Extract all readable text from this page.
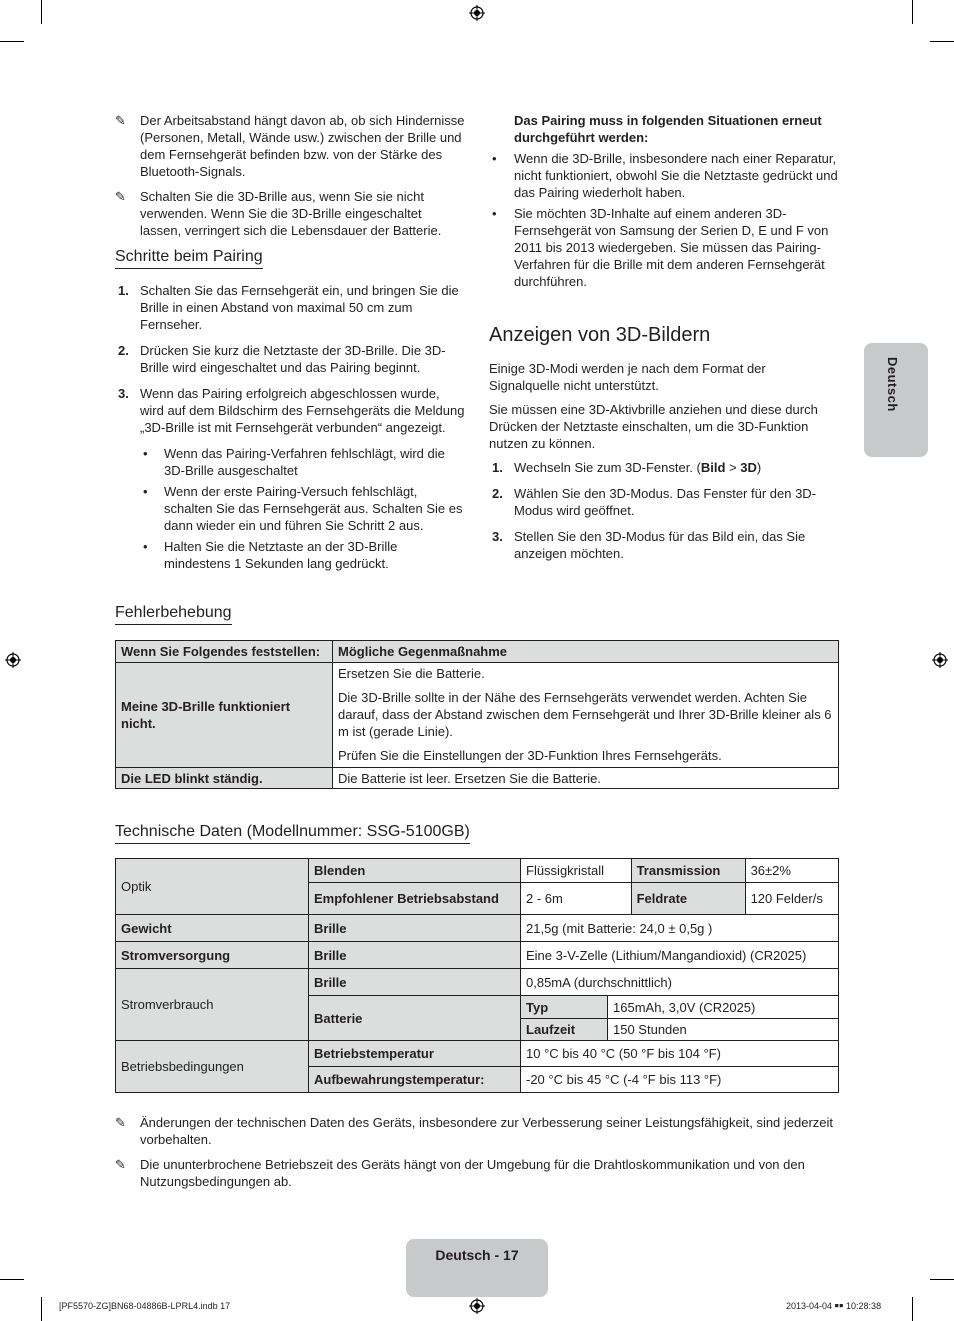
✎ Der Arbeitsabstand hängt davon ab, ob sich Hindernisse (Personen, Metall, Wände usw.) zwischen der Brille und dem Fernsehgerät befinden bzw. von der Stärke des Bluetooth-Signals.
✎ Schalten Sie die 3D-Brille aus, wenn Sie sie nicht verwenden. Wenn Sie die 3D-Brille eingeschaltet lassen, verringert sich die Lebensdauer der Batterie.
Schritte beim Pairing
1. Schalten Sie das Fernsehgerät ein, und bringen Sie die Brille in einen Abstand von maximal 50 cm zum Fernseher.
2. Drücken Sie kurz die Netztaste der 3D-Brille. Die 3D-Brille wird eingeschaltet und das Pairing beginnt.
3. Wenn das Pairing erfolgreich abgeschlossen wurde, wird auf dem Bildschirm des Fernsehgeräts die Meldung „3D-Brille ist mit Fernsehgerät verbunden“ angezeigt.
• Wenn das Pairing-Verfahren fehlschlägt, wird die 3D-Brille ausgeschaltet
• Wenn der erste Pairing-Versuch fehlschlägt, schalten Sie das Fernsehgerät aus. Schalten Sie es dann wieder ein und führen Sie Schritt 2 aus.
• Halten Sie die Netztaste an der 3D-Brille mindestens 1 Sekunden lang gedrückt.
Das Pairing muss in folgenden Situationen erneut durchgeführt werden:
• Wenn die 3D-Brille, insbesondere nach einer Reparatur, nicht funktioniert, obwohl Sie die Netztaste gedrückt und das Pairing wiederholt haben.
• Sie möchten 3D-Inhalte auf einem anderen 3D-Fernsehgerät von Samsung der Serien D, E und F von 2011 bis 2013 wiedergeben. Sie müssen das Pairing-Verfahren für die Brille mit dem anderen Fernsehgerät durchführen.
Anzeigen von 3D-Bildern
Einige 3D-Modi werden je nach dem Format der Signalquelle nicht unterstützt.
Sie müssen eine 3D-Aktivbrille anziehen und diese durch Drücken der Netztaste einschalten, um die 3D-Funktion nutzen zu können.
1. Wechseln Sie zum 3D-Fenster. (Bild > 3D)
2. Wählen Sie den 3D-Modus. Das Fenster für den 3D-Modus wird geöffnet.
3. Stellen Sie den 3D-Modus für das Bild ein, das Sie anzeigen möchten.
Deutsch
Fehlerbehebung
Wenn Sie Folgendes feststellen:	Mögliche Gegenmaßnahme
Meine 3D-Brille funktioniert nicht.	Ersetzen Sie die Batterie.
Die 3D-Brille sollte in der Nähe des Fernsehgeräts verwendet werden. Achten Sie darauf, dass der Abstand zwischen dem Fernsehgerät und Ihrer 3D-Brille kleiner als 6 m ist (gerade Linie).
Prüfen Sie die Einstellungen der 3D-Funktion Ihres Fernsehgeräts.

Die LED blinkt ständig.	Die Batterie ist leer. Ersetzen Sie die Batterie.
Technische Daten (Modellnummer: SSG-5100GB)
Optik	Blenden	Flüssigkristall		Transmission	36±2%
	Empfohlener Betriebsabstand	2 - 6m		Feldrate	120 Felder/s
Gewicht	Brille	21,5g (mit Batterie: 24,0 ± 0,5g )			
Stromversorgung	Brille	Eine 3-V-Zelle (Lithium/Mangandioxid) (CR2025)			
Stromverbrauch	Brille	0,85mA (durchschnittlich)			
	Batterie	Typ	165mAh, 3,0V (CR2025)		
		Laufzeit	150 Stunden		
Betriebsbedingungen	Betriebstemperatur	10 °C bis 40 °C (50 °F bis 104 °F)			
	Aufbewahrungstemperatur:	-20 °C bis 45 °C (-4 °F bis 113 °F)			
✎ Änderungen der technischen Daten des Geräts, insbesondere zur Verbesserung seiner Leistungsfähigkeit, sind jederzeit vorbehalten.
✎ Die ununterbrochene Betriebszeit des Geräts hängt von der Umgebung für die Drahtloskommunikation und von den Nutzungsbedingungen ab.
Deutsch - 17
[PF5570-ZG]BN68-04886B-LPRL4.indb 17	2013-04-04 ￭￭ 10:28:38
